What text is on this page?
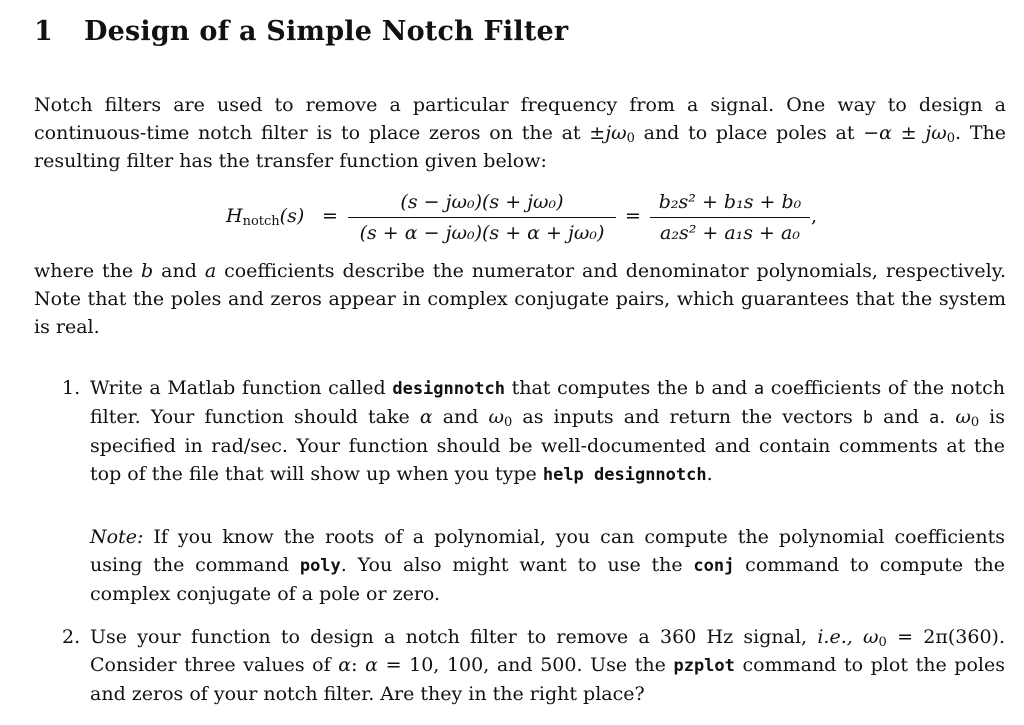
1 Design of a Simple Notch Filter

Notch filters are used to remove a particular frequency from a signal. One way to design a continuous-time notch filter is to place zeros on the at $\pm j\omega_0$ and to place poles at $-\alpha \pm j\omega_0$. The resulting filter has the transfer function given below:

$H_{notch}(s)$ =
(s − jω₀)(s + jω₀)
(s + α − jω₀)(s + α + jω₀)
=
b₂s² + b₁s + b₀
a₂s² + a₁s + a₀
,

where the b and a coefficients describe the numerator and denominator polynomials, respectively. Note that the poles and zeros appear in complex conjugate pairs, which guarantees that the system is real.

1. Write a Matlab function called designnotch that computes the b and a coefficients of the notch filter. Your function should take α and $\omega_0$ as inputs and return the vectors b and a. $\omega_0$ is specified in rad/sec. Your function should be well-documented and contain comments at the top of the file that will show up when you type help designnotch.

Note: If you know the roots of a polynomial, you can compute the polynomial coefficients using the command poly. You also might want to use the conj command to compute the complex conjugate of a pole or zero.

2. Use your function to design a notch filter to remove a 360 Hz signal, i.e., $\omega_0 = 2\pi(360)$. Consider three values of α: α = 10, 100, and 500. Use the pzplot command to plot the poles and zeros of your notch filter. Are they in the right place?
